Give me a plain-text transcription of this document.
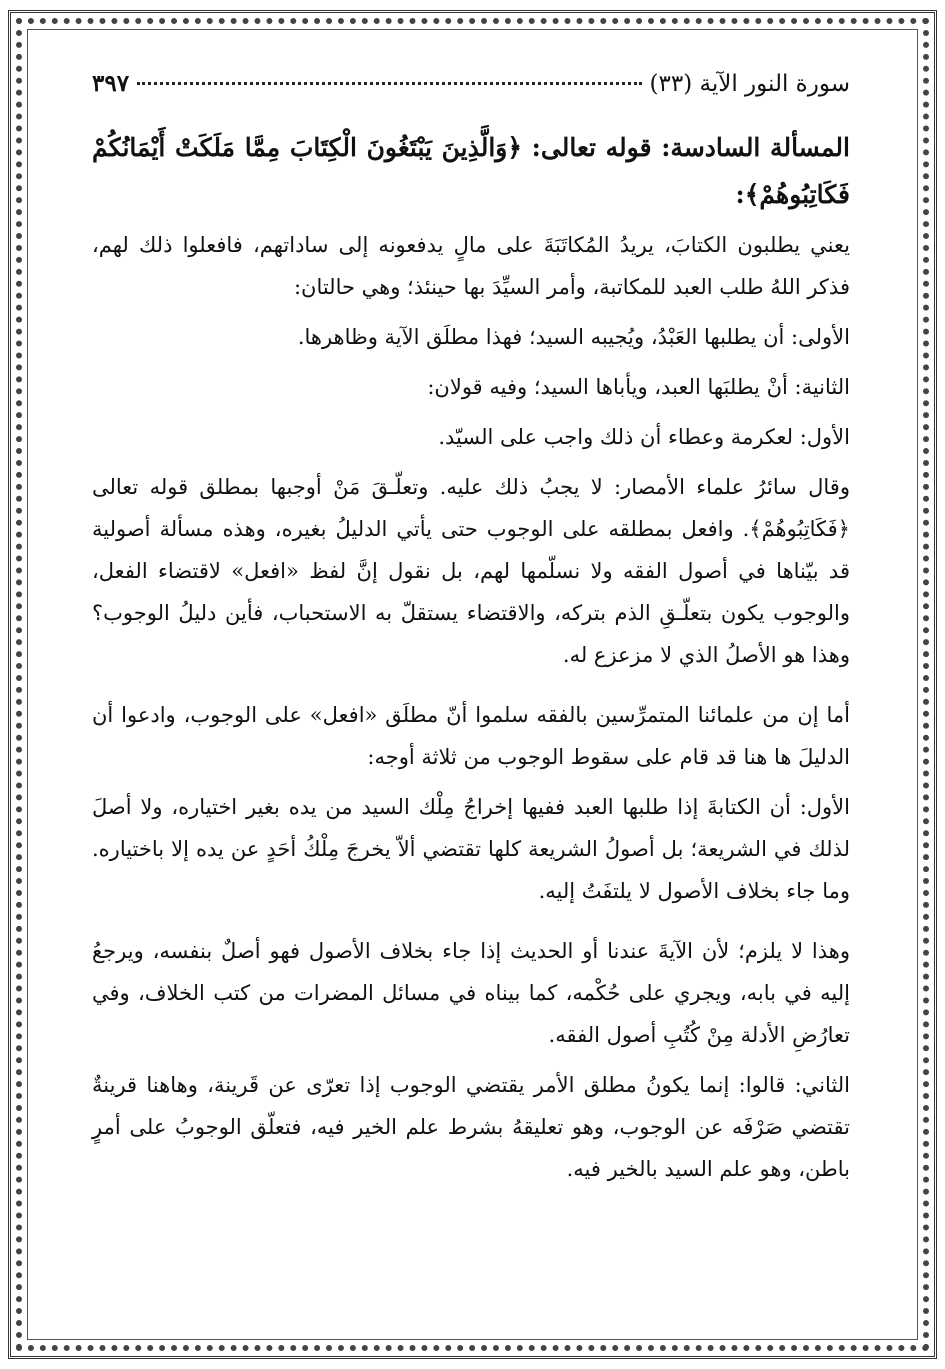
سورة النور الآية (٣٣)
٣٩٧
المسألة السادسة: قوله تعالى: ﴿وَالَّذِينَ يَبْتَغُونَ الْكِتَابَ مِمَّا مَلَكَتْ أَيْمَانُكُمْ فَكَاتِبُوهُمْ﴾:

يعني يطلبون الكتابَ، يريدُ المُكاتَبَةَ على مالٍ يدفعونه إلى ساداتهم، فافعلوا ذلك لهم، فذكر اللهُ طلب العبد للمكاتبة، وأمر السيِّدَ بها حينئذ؛ وهي حالتان:

الأولى: أن يطلبها العَبْدُ، ويُجيبه السيد؛ فهذا مطلَق الآية وظاهرها.

الثانية: أنْ يطلبَها العبد، ويأباها السيد؛ وفيه قولان:

الأول: لعكرمة وعطاء أن ذلك واجب على السيّد.

وقال سائرُ علماء الأمصار: لا يجبُ ذلك عليه. وتعلّـقَ مَنْ أوجبها بمطلق قوله تعالى ﴿فَكَاتِبُوهُمْ﴾. وافعل بمطلقه على الوجوب حتى يأتي الدليلُ بغيره، وهذه مسألة أصولية قد بيّناها في أصول الفقه ولا نسلّمها لهم، بل نقول إنَّ لفظ «افعل» لاقتضاء الفعل، والوجوب يكون بتعلّـقِ الذم بتركه، والاقتضاء يستقلّ به الاستحباب، فأين دليلُ الوجوب؟ وهذا هو الأصلُ الذي لا مزعزع له.

أما إن من علمائنا المتمرِّسين بالفقه سلموا أنّ مطلَق «افعل» على الوجوب، وادعوا أن الدليلَ ها هنا قد قام على سقوط الوجوب من ثلاثة أوجه:

الأول: أن الكتابةَ إذا طلبها العبد ففيها إخراجُ مِلْك السيد من يده بغير اختياره، ولا أصلَ لذلك في الشريعة؛ بل أصولُ الشريعة كلها تقتضي ألاّ يخرجَ مِلْكُ أحَدٍ عن يده إلا باختياره. وما جاء بخلاف الأصول لا يلتفَتُ إليه.

وهذا لا يلزم؛ لأن الآيةَ عندنا أو الحديث إذا جاء بخلاف الأصول فهو أصلٌ بنفسه، ويرجعُ إليه في بابه، ويجري على حُكْمه، كما بيناه في مسائل المضرات من كتب الخلاف، وفي تعارُضِ الأدلة مِنْ كُتُبِ أصول الفقه.

الثاني: قالوا: إنما يكونُ مطلق الأمر يقتضي الوجوب إذا تعرّى عن قَرينة، وهاهنا قرينةٌ تقتضي صَرْفَه عن الوجوب، وهو تعليقهُ بشرط علم الخير فيه، فتعلّق الوجوبُ على أمرٍ باطن، وهو علم السيد بالخير فيه.
